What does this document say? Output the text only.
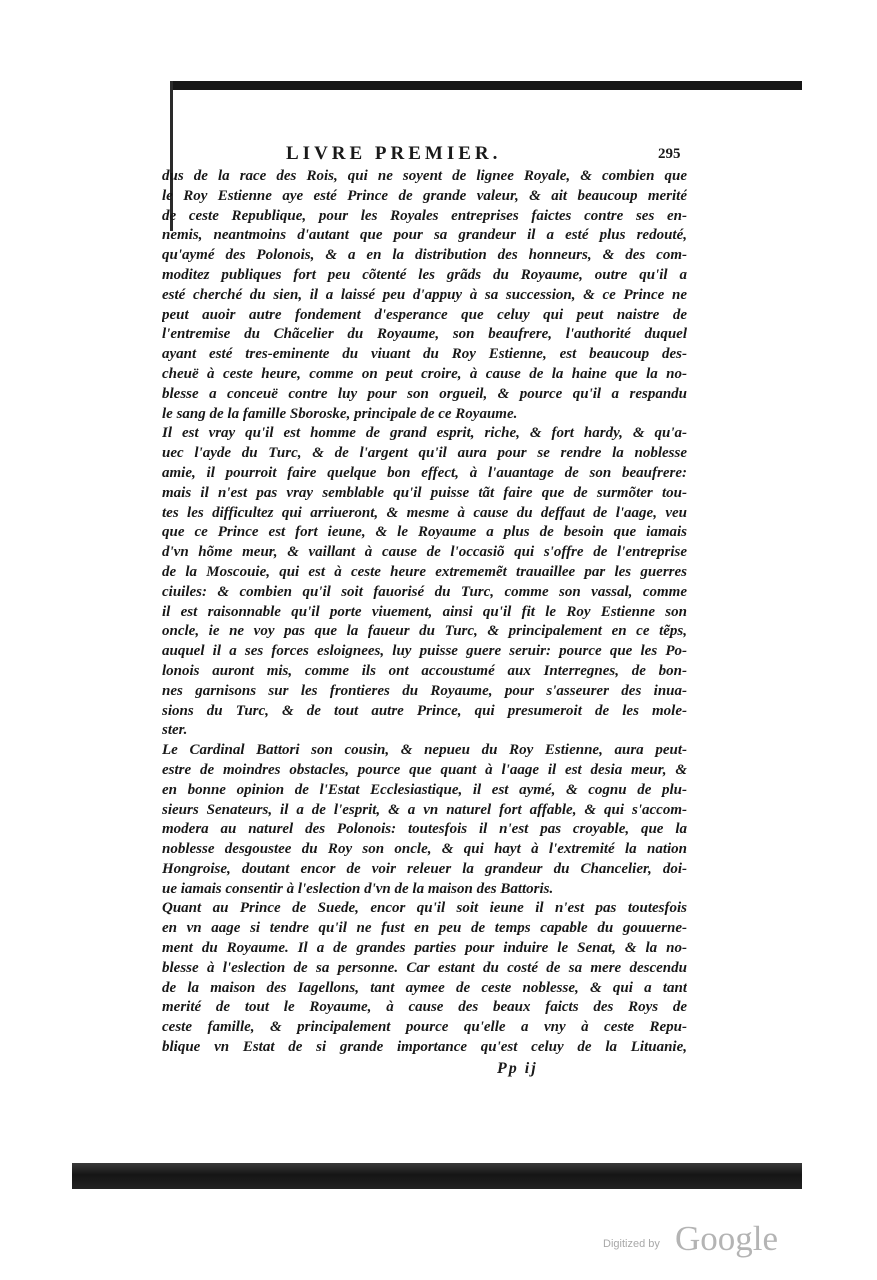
LIVRE PREMIER.	295
dus de la race des Rois, qui ne soyent de lignee Royale, & combien que
le Roy Estienne aye esté Prince de grande valeur, & ait beaucoup merité
de ceste Republique, pour les Royales entreprises faictes contre ses en-
nemis, neantmoins d'autant que pour sa grandeur il a esté plus redouté,
qu'aymé des Polonois, & a en la distribution des honneurs, & des com-
moditez publiques fort peu cõtenté les grãds du Royaume, outre qu'il a
esté cherché du sien, il a laissé peu d'appuy à sa succession, & ce Prince ne
peut auoir autre fondement d'esperance que celuy qui peut naistre de
l'entremise du Chãcelier du Royaume, son beaufrere, l'authorité duquel
ayant esté tres-eminente du viuant du Roy Estienne, est beaucoup des-
cheuë à ceste heure, comme on peut croire, à cause de la haine que la no-
blesse a conceuë contre luy pour son orgueil, & pource qu'il a respandu
le sang de la famille Sboroske, principale de ce Royaume.
Il est vray qu'il est homme de grand esprit, riche, & fort hardy, & qu'a-
uec l'ayde du Turc, & de l'argent qu'il aura pour se rendre la noblesse
amie, il pourroit faire quelque bon effect, à l'auantage de son beaufrere:
mais il n'est pas vray semblable qu'il puisse tãt faire que de surmõter tou-
tes les difficultez qui arriueront, & mesme à cause du deffaut de l'aage, veu
que ce Prince est fort ieune, & le Royaume a plus de besoin que iamais
d'vn hõme meur, & vaillant à cause de l'occasiõ qui s'offre de l'entreprise
de la Moscouie, qui est à ceste heure extrememẽt trauaillee par les guerres
ciuiles: & combien qu'il soit fauorisé du Turc, comme son vassal, comme
il est raisonnable qu'il porte viuement, ainsi qu'il fit le Roy Estienne son
oncle, ie ne voy pas que la faueur du Turc, & principalement en ce tẽps,
auquel il a ses forces esloignees, luy puisse guere seruir: pource que les Po-
lonois auront mis, comme ils ont accoustumé aux Interregnes, de bon-
nes garnisons sur les frontieres du Royaume, pour s'asseurer des inua-
sions du Turc, & de tout autre Prince, qui presumeroit de les mole-
ster.
Le Cardinal Battori son cousin, & nepueu du Roy Estienne, aura peut-
estre de moindres obstacles, pource que quant à l'aage il est desia meur, &
en bonne opinion de l'Estat Ecclesiastique, il est aymé, & cognu de plu-
sieurs Senateurs, il a de l'esprit, & a vn naturel fort affable, & qui s'accom-
modera au naturel des Polonois: toutesfois il n'est pas croyable, que la
noblesse desgoustee du Roy son oncle, & qui hayt à l'extremité la nation
Hongroise, doutant encor de voir releuer la grandeur du Chancelier, doi-
ue iamais consentir à l'eslection d'vn de la maison des Battoris.
Quant au Prince de Suede, encor qu'il soit ieune il n'est pas toutesfois
en vn aage si tendre qu'il ne fust en peu de temps capable du gouuerne-
ment du Royaume. Il a de grandes parties pour induire le Senat, & la no-
blesse à l'eslection de sa personne. Car estant du costé de sa mere descendu
de la maison des Iagellons, tant aymee de ceste noblesse, & qui a tant
merité de tout le Royaume, à cause des beaux faicts des Roys de
ceste famille, & principalement pource qu'elle a vny à ceste Repu-
blique vn Estat de si grande importance qu'est celuy de la Lituanie,
Pp ij
Digitized by Google
